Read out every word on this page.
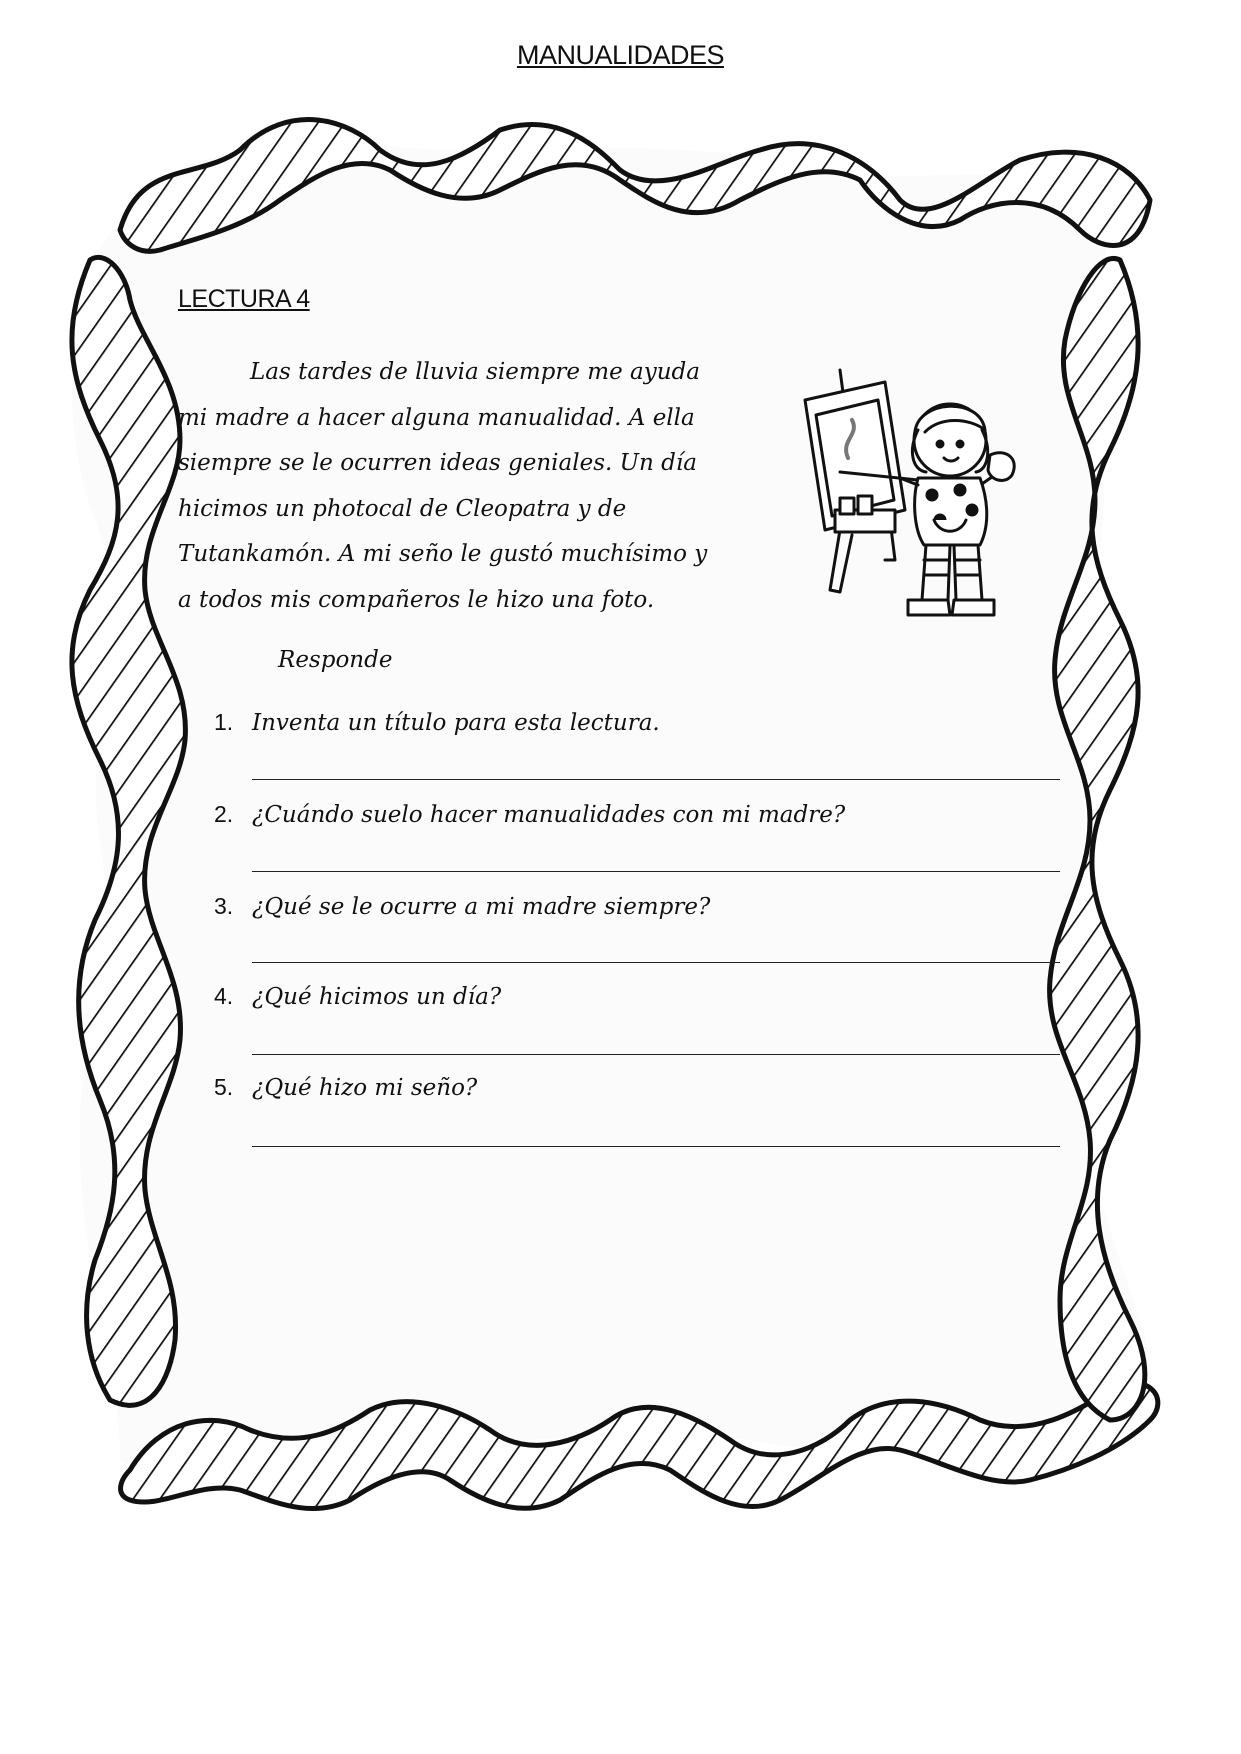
MANUALIDADES
LECTURA 4
Las tardes de lluvia siempre me ayuda
mi madre a hacer alguna manualidad. A ella
siempre se le ocurren ideas geniales. Un día
hicimos un photocal de Cleopatra y de
Tutankamón. A mi seño le gustó muchísimo y
a todos mis compañeros le hizo una foto.
Responde
1. Inventa un título para esta lectura.
2. ¿Cuándo suelo hacer manualidades con mi madre?
3. ¿Qué se le ocurre a mi madre siempre?
4. ¿Qué hicimos un día?
5. ¿Qué hizo mi seño?
